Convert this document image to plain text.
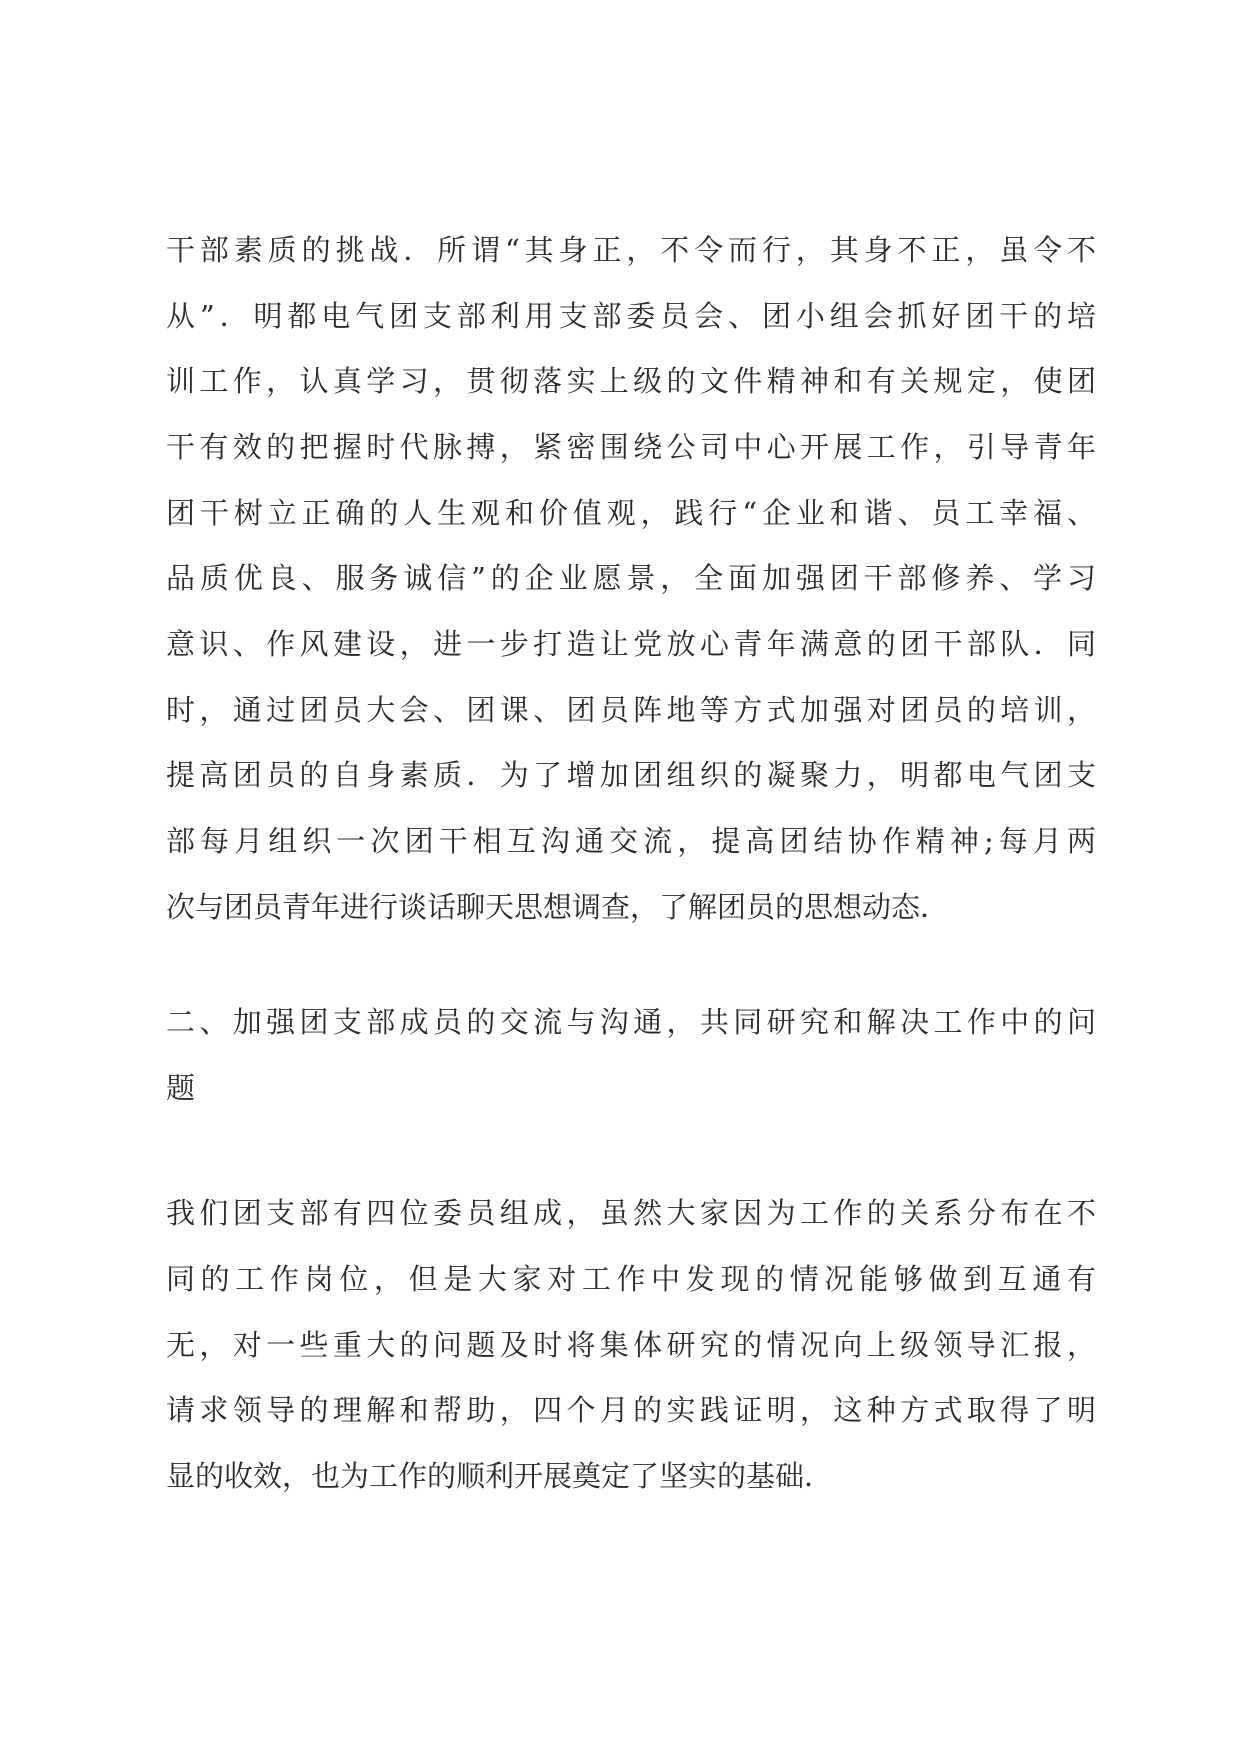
干部素质的挑战．所谓“其身正，不令而行，其身不正，虽令不

从”．明都电气团支部利用支部委员会、团小组会抓好团干的培

训工作，认真学习，贯彻落实上级的文件精神和有关规定，使团

干有效的把握时代脉搏，紧密围绕公司中心开展工作，引导青年

团干树立正确的人生观和价值观，践行“企业和谐、员工幸福、

品质优良、服务诚信”的企业愿景，全面加强团干部修养、学习

意识、作风建设，进一步打造让党放心青年满意的团干部队．同

时，通过团员大会、团课、团员阵地等方式加强对团员的培训，

提高团员的自身素质．为了增加团组织的凝聚力，明都电气团支

部每月组织一次团干相互沟通交流，提高团结协作精神;每月两

次与团员青年进行谈话聊天思想调查，了解团员的思想动态．

二、加强团支部成员的交流与沟通，共同研究和解决工作中的问

题

我们团支部有四位委员组成，虽然大家因为工作的关系分布在不

同的工作岗位，但是大家对工作中发现的情况能够做到互通有

无，对一些重大的问题及时将集体研究的情况向上级领导汇报，

请求领导的理解和帮助，四个月的实践证明，这种方式取得了明

显的收效，也为工作的顺利开展奠定了坚实的基础．
